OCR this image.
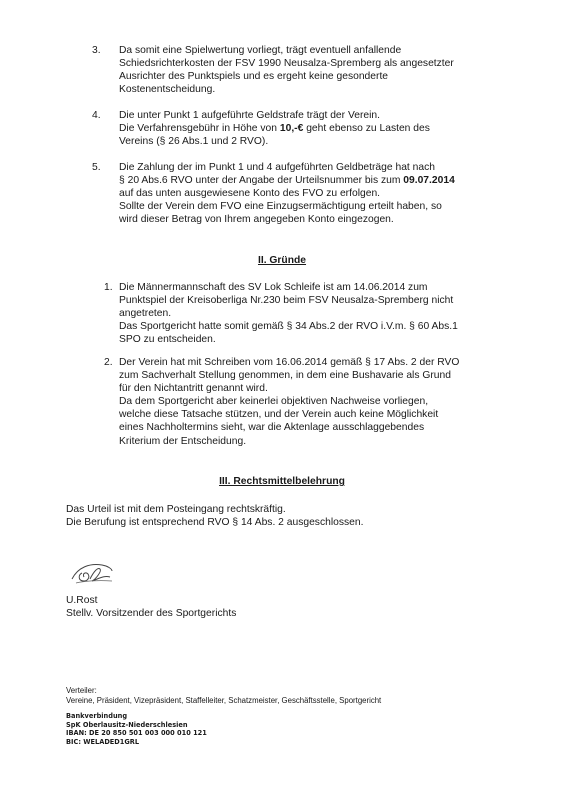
3.	Da somit eine Spielwertung vorliegt, trägt eventuell anfallende
Schiedsrichterkosten der FSV 1990 Neusalza-Spremberg als angesetzter
Ausrichter des Punktspiels und es ergeht keine gesonderte
Kostenentscheidung.
4.	Die unter Punkt 1 aufgeführte Geldstrafe trägt der Verein.
Die Verfahrensgebühr in Höhe von 10,-€ geht ebenso zu Lasten des
Vereins (§ 26 Abs.1 und 2 RVO).
5.	Die Zahlung der im Punkt 1 und 4 aufgeführten Geldbeträge hat nach
§ 20 Abs.6 RVO unter der Angabe der Urteilsnummer bis zum 09.07.2014
auf das unten ausgewiesene Konto des FVO zu erfolgen.
Sollte der Verein dem FVO eine Einzugsermächtigung erteilt haben, so
wird dieser Betrag von Ihrem angegeben Konto eingezogen.
II. Gründe
1. Die Männermannschaft des SV Lok Schleife ist am 14.06.2014 zum
Punktspiel der Kreisoberliga Nr.230 beim FSV Neusalza-Spremberg nicht
angetreten.
Das Sportgericht hatte somit gemäß § 34 Abs.2 der RVO i.V.m. § 60 Abs.1
SPO zu entscheiden.
2. Der Verein hat mit Schreiben vom 16.06.2014 gemäß § 17 Abs. 2 der RVO
zum Sachverhalt Stellung genommen, in dem eine Bushavarie als Grund
für den Nichtantritt genannt wird.
Da dem Sportgericht aber keinerlei objektiven Nachweise vorliegen,
welche diese Tatsache stützen, und der Verein auch keine Möglichkeit
eines Nachholtermins sieht, war die Aktenlage ausschlaggebendes
Kriterium der Entscheidung.
III. Rechtsmittelbelehrung
Das Urteil ist mit dem Posteingang rechtskräftig.
Die Berufung ist entsprechend RVO § 14 Abs. 2 ausgeschlossen.
U.Rost
Stellv. Vorsitzender des Sportgerichts
Verteiler:
Vereine, Präsident, Vizepräsident, Staffelleiter, Schatzmeister, Geschäftsstelle, Sportgericht
Bankverbindung
SpK Oberlausitz-Niederschlesien
IBAN: DE 20 850 501 003 000 010 121
BIC: WELADED1GRL
